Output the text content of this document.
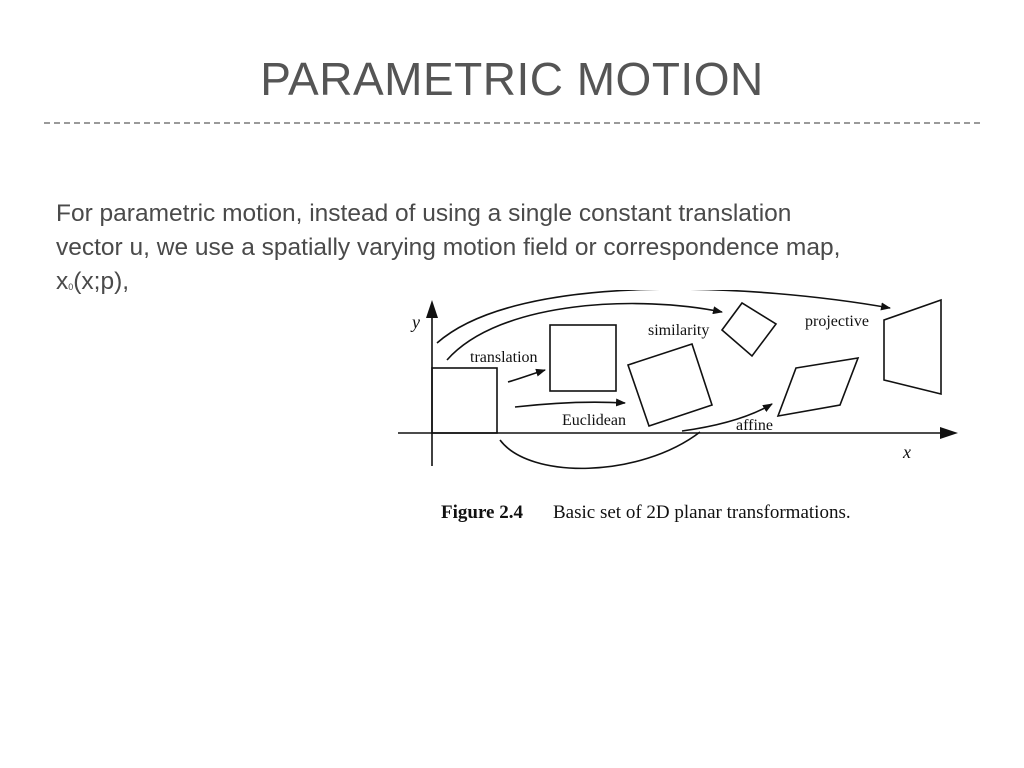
PARAMETRIC MOTION
For parametric motion, instead of using a single constant translation
vector u, we use a spatially varying motion field or correspondence map,
x0(x;p),
x
y
translation
Euclidean
similarity
affine
projective
Figure 2.4 Basic set of 2D planar transformations.
